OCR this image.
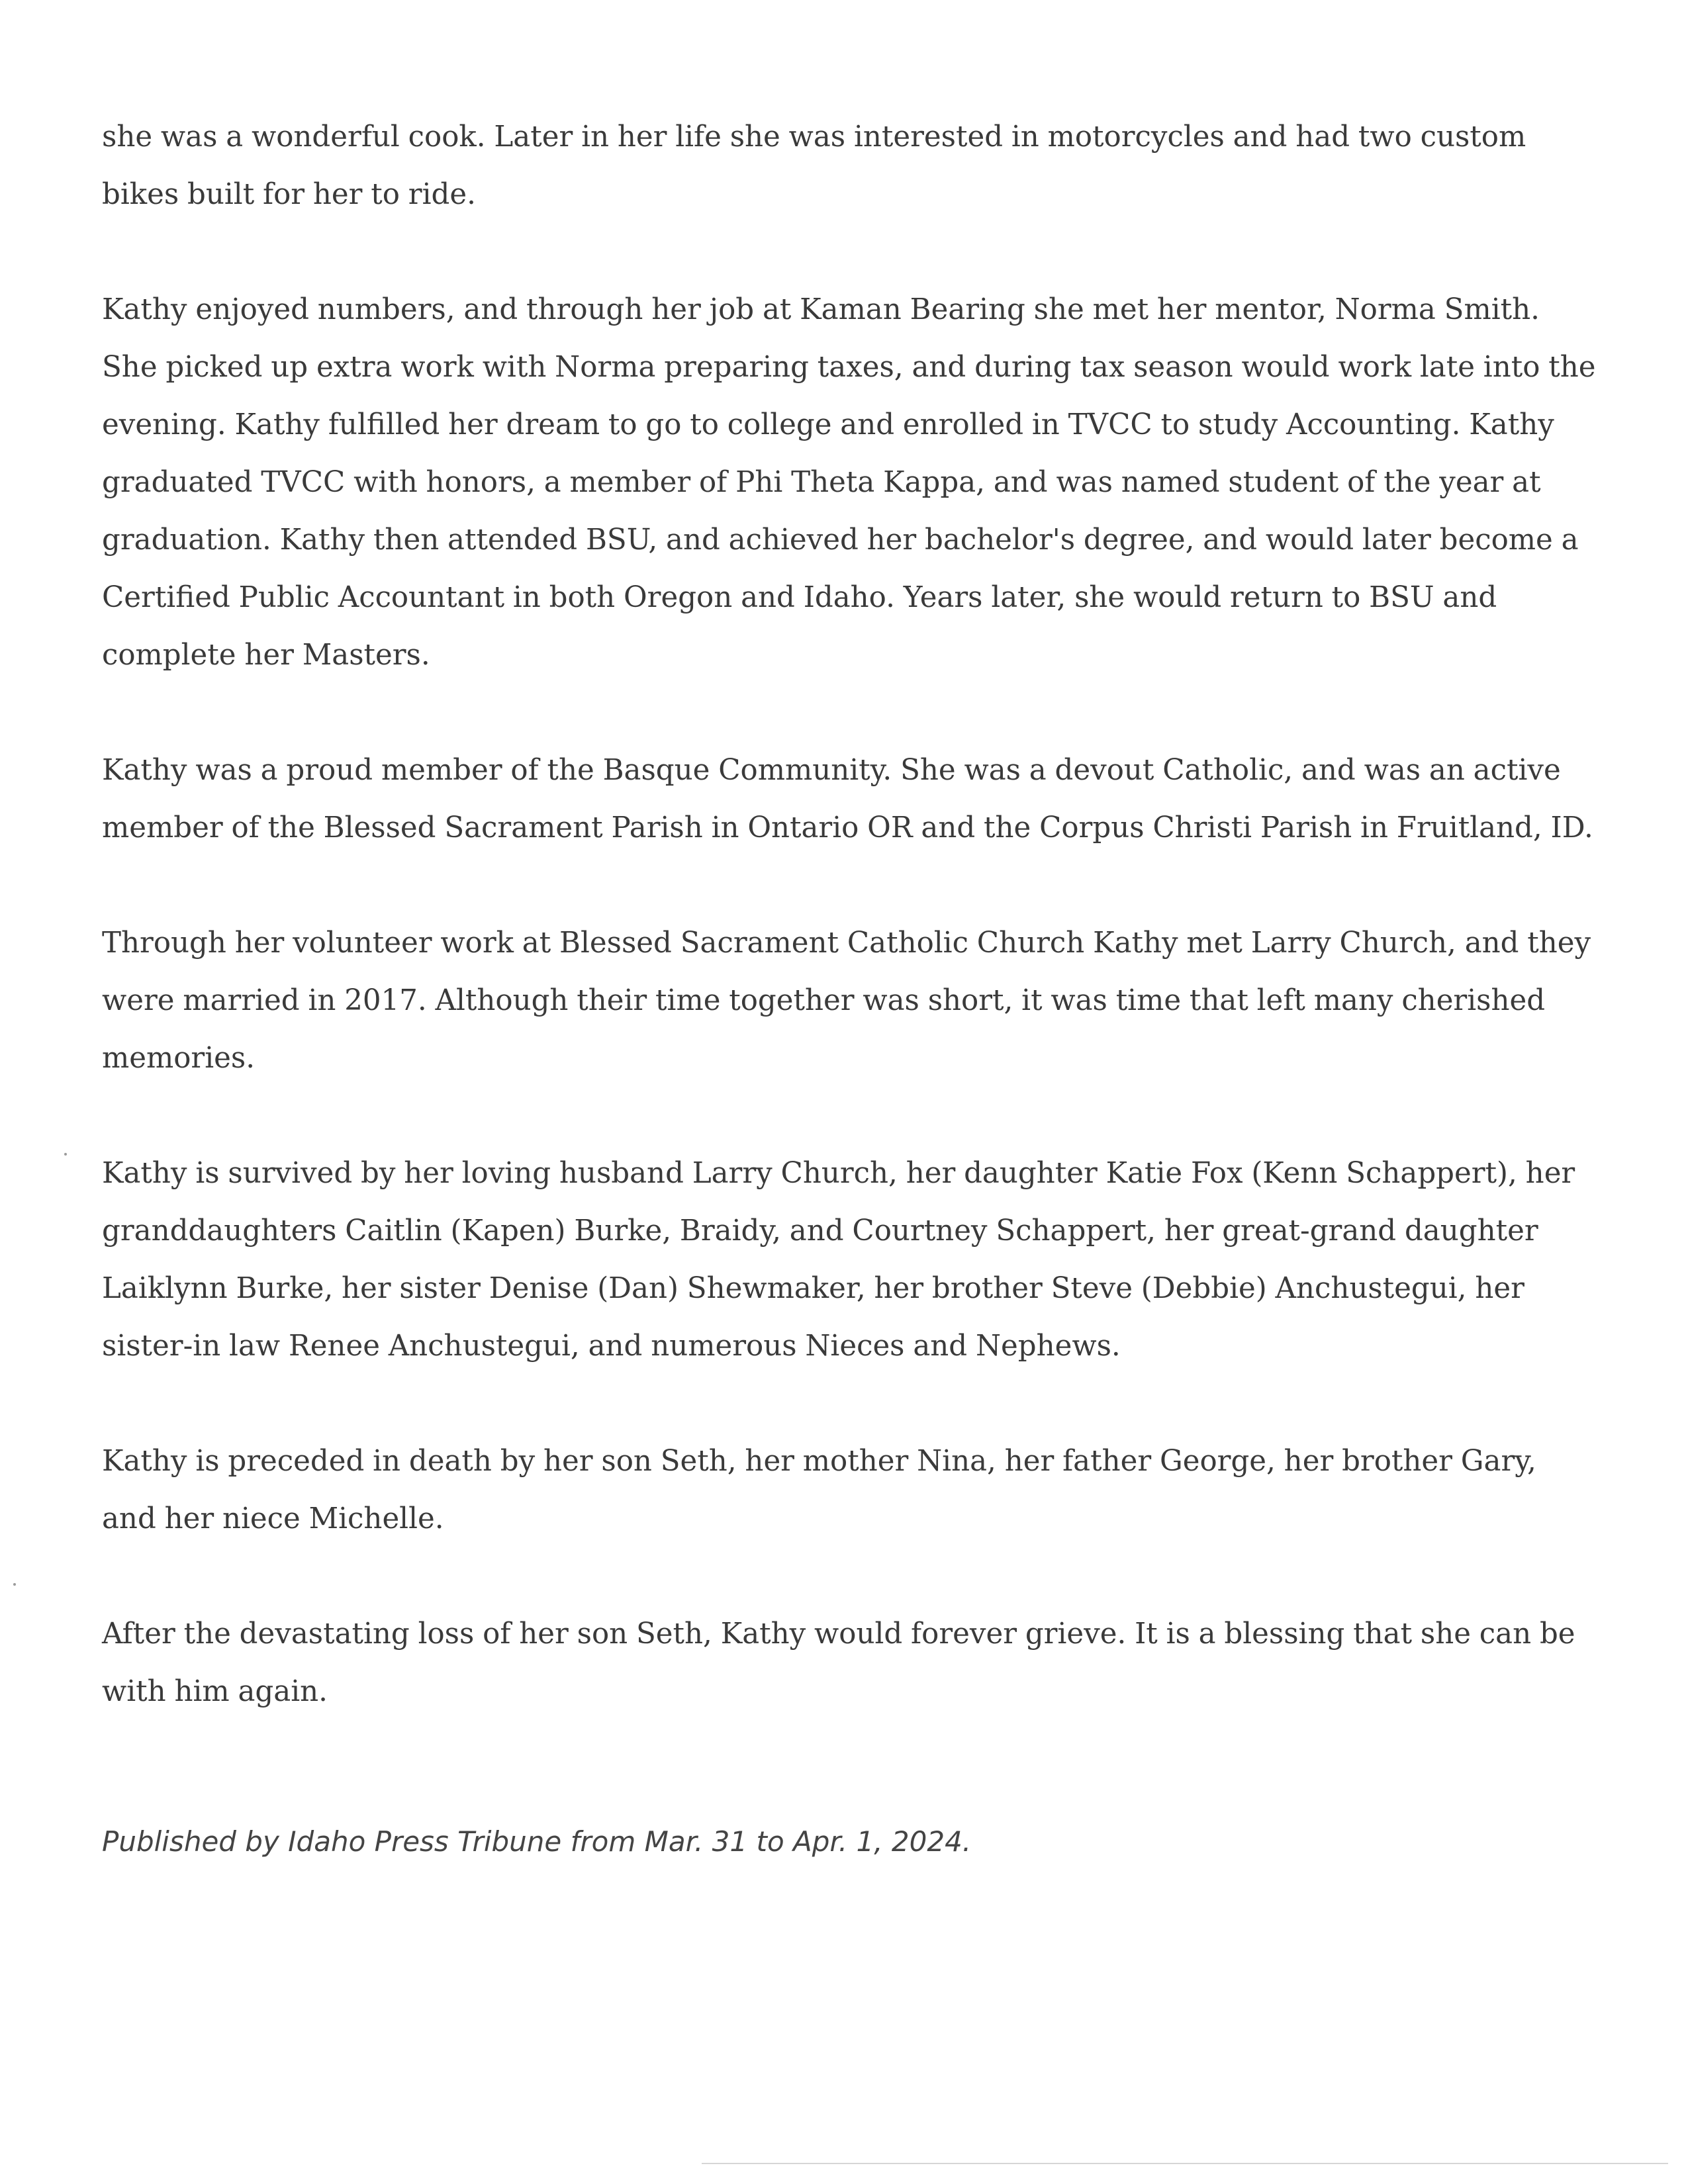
she was a wonderful cook. Later in her life she was interested in motorcycles and had two custom bikes built for her to ride.

Kathy enjoyed numbers, and through her job at Kaman Bearing she met her mentor, Norma Smith. She picked up extra work with Norma preparing taxes, and during tax season would work late into the evening. Kathy fulfilled her dream to go to college and enrolled in TVCC to study Accounting. Kathy graduated TVCC with honors, a member of Phi Theta Kappa, and was named student of the year at graduation. Kathy then attended BSU, and achieved her bachelor's degree, and would later become a Certified Public Accountant in both Oregon and Idaho. Years later, she would return to BSU and complete her Masters.

Kathy was a proud member of the Basque Community. She was a devout Catholic, and was an active member of the Blessed Sacrament Parish in Ontario OR and the Corpus Christi Parish in Fruitland, ID.

Through her volunteer work at Blessed Sacrament Catholic Church Kathy met Larry Church, and they were married in 2017. Although their time together was short, it was time that left many cherished memories.

Kathy is survived by her loving husband Larry Church, her daughter Katie Fox (Kenn Schappert), her granddaughters Caitlin (Kapen) Burke, Braidy, and Courtney Schappert, her great-grand daughter Laiklynn Burke, her sister Denise (Dan) Shewmaker, her brother Steve (Debbie) Anchustegui, her sister-in law Renee Anchustegui, and numerous Nieces and Nephews.

Kathy is preceded in death by her son Seth, her mother Nina, her father George, her brother Gary, and her niece Michelle.

After the devastating loss of her son Seth, Kathy would forever grieve. It is a blessing that she can be with him again.

Published by Idaho Press Tribune from Mar. 31 to Apr. 1, 2024.
